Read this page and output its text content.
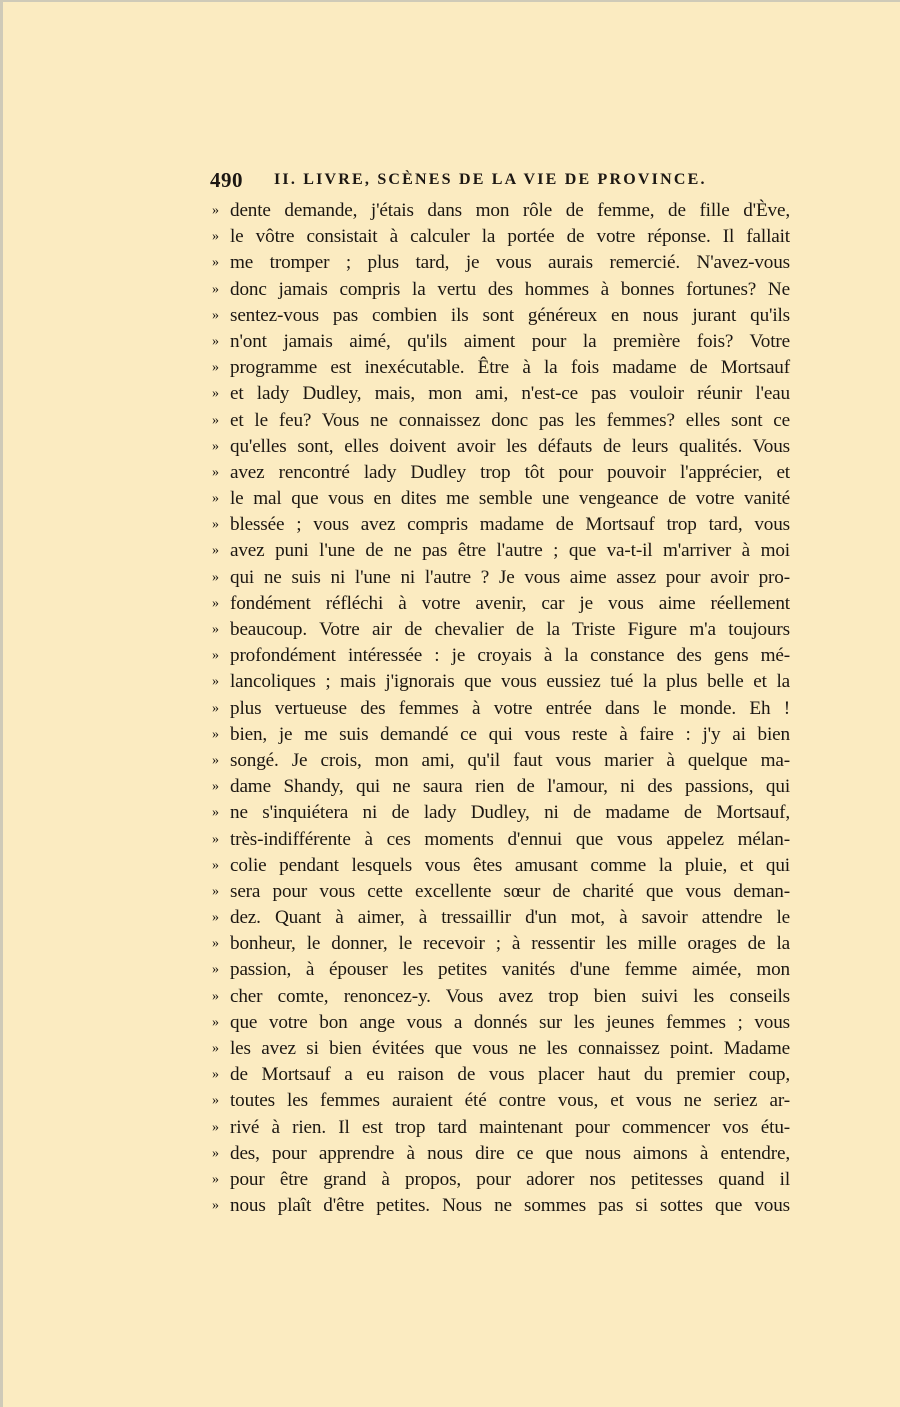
490 II. LIVRE, SCÈNES DE LA VIE DE PROVINCE.
» dente demande, j'étais dans mon rôle de femme, de fille d'Ève,
» le vôtre consistait à calculer la portée de votre réponse. Il fallait
» me tromper ; plus tard, je vous aurais remercié. N'avez-vous
» donc jamais compris la vertu des hommes à bonnes fortunes? Ne
» sentez-vous pas combien ils sont généreux en nous jurant qu'ils
» n'ont jamais aimé, qu'ils aiment pour la première fois? Votre
» programme est inexécutable. Être à la fois madame de Mortsauf
» et lady Dudley, mais, mon ami, n'est-ce pas vouloir réunir l'eau
» et le feu? Vous ne connaissez donc pas les femmes? elles sont ce
» qu'elles sont, elles doivent avoir les défauts de leurs qualités. Vous
» avez rencontré lady Dudley trop tôt pour pouvoir l'apprécier, et
» le mal que vous en dites me semble une vengeance de votre vanité
» blessée ; vous avez compris madame de Mortsauf trop tard, vous
» avez puni l'une de ne pas être l'autre ; que va-t-il m'arriver à moi
» qui ne suis ni l'une ni l'autre ? Je vous aime assez pour avoir pro-
» fondément réfléchi à votre avenir, car je vous aime réellement
» beaucoup. Votre air de chevalier de la Triste Figure m'a toujours
» profondément intéressée : je croyais à la constance des gens mé-
» lancoliques ; mais j'ignorais que vous eussiez tué la plus belle et la
» plus vertueuse des femmes à votre entrée dans le monde. Eh !
» bien, je me suis demandé ce qui vous reste à faire : j'y ai bien
» songé. Je crois, mon ami, qu'il faut vous marier à quelque ma-
» dame Shandy, qui ne saura rien de l'amour, ni des passions, qui
» ne s'inquiétera ni de lady Dudley, ni de madame de Mortsauf,
» très-indifférente à ces moments d'ennui que vous appelez mélan-
» colie pendant lesquels vous êtes amusant comme la pluie, et qui
» sera pour vous cette excellente sœur de charité que vous deman-
» dez. Quant à aimer, à tressaillir d'un mot, à savoir attendre le
» bonheur, le donner, le recevoir ; à ressentir les mille orages de la
» passion, à épouser les petites vanités d'une femme aimée, mon
» cher comte, renoncez-y. Vous avez trop bien suivi les conseils
» que votre bon ange vous a donnés sur les jeunes femmes ; vous
» les avez si bien évitées que vous ne les connaissez point. Madame
» de Mortsauf a eu raison de vous placer haut du premier coup,
» toutes les femmes auraient été contre vous, et vous ne seriez ar-
» rivé à rien. Il est trop tard maintenant pour commencer vos étu-
» des, pour apprendre à nous dire ce que nous aimons à entendre,
» pour être grand à propos, pour adorer nos petitesses quand il
» nous plaît d'être petites. Nous ne sommes pas si sottes que vous
